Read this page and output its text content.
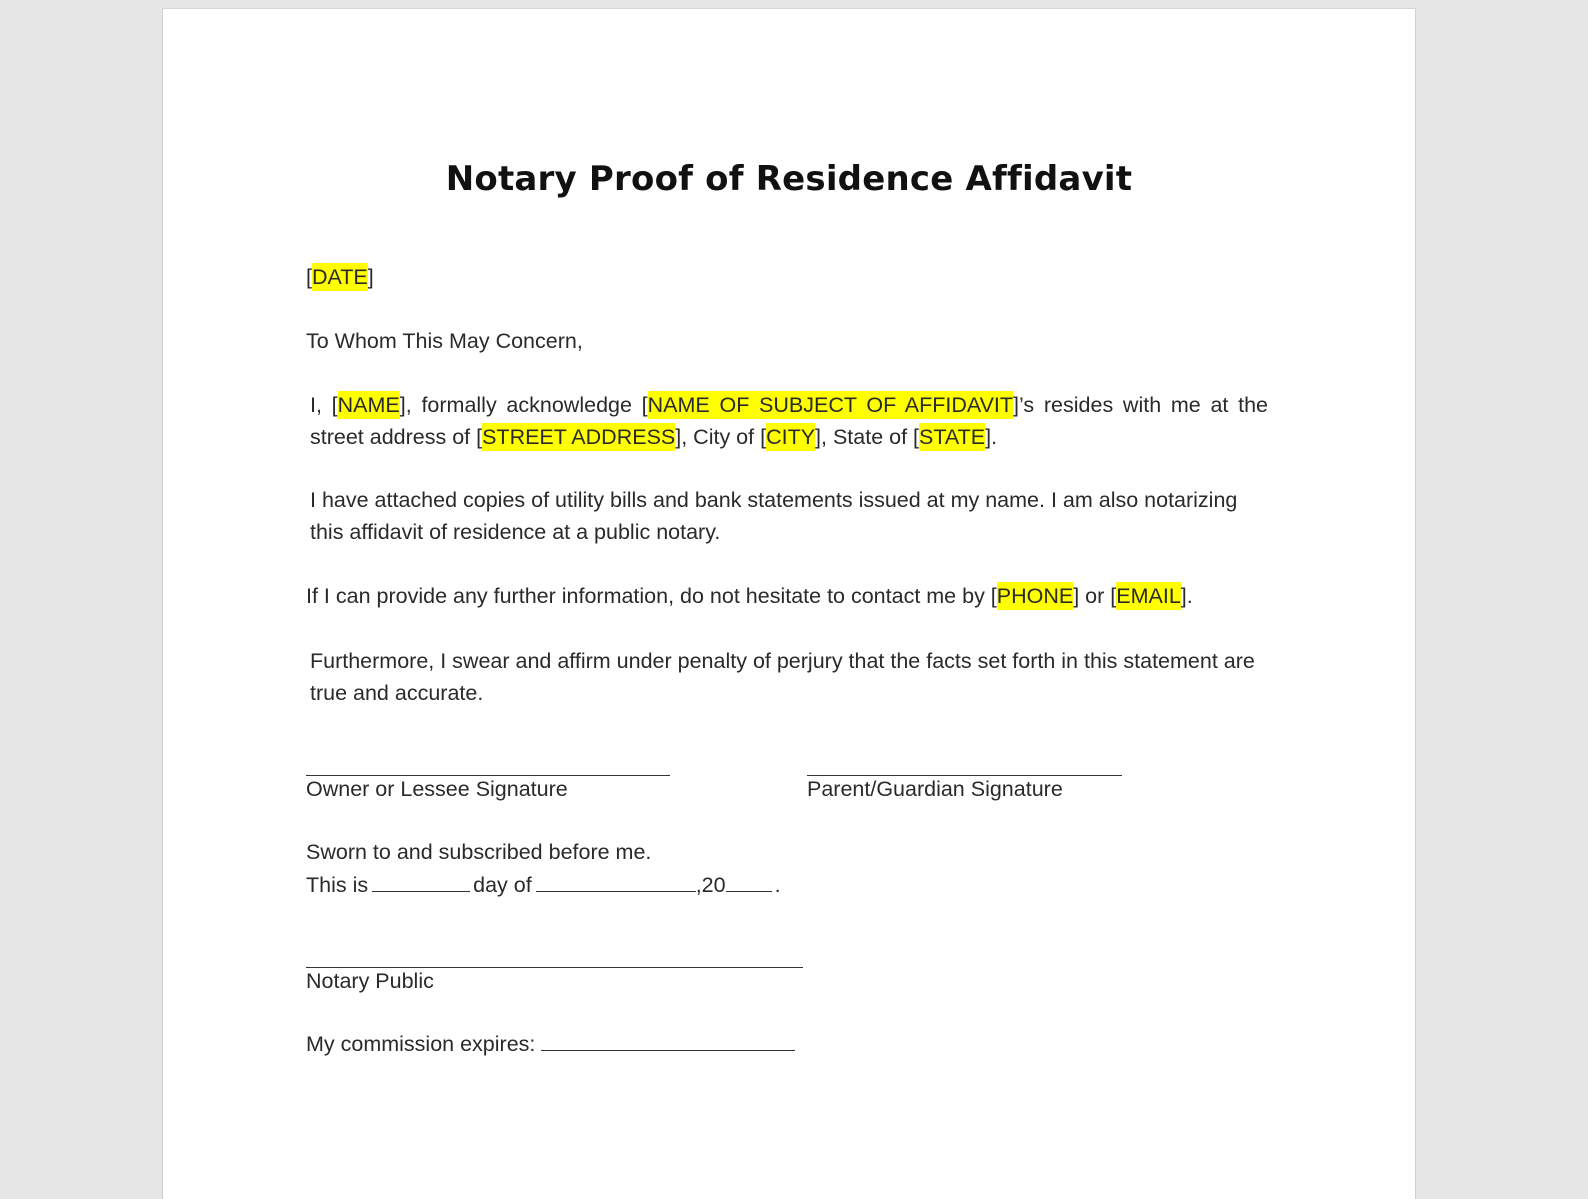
Notary Proof of Residence Affidavit
[DATE]
To Whom This May Concern,
I, [NAME], formally acknowledge [NAME OF SUBJECT OF AFFIDAVIT]’s resides with me at the street address of [STREET ADDRESS], City of [CITY], State of [STATE].
I have attached copies of utility bills and bank statements issued at my name. I am also notarizing this affidavit of residence at a public notary.
If I can provide any further information, do not hesitate to contact me by [PHONE] or [EMAIL].
Furthermore, I swear and affirm under penalty of perjury that the facts set forth in this statement are true and accurate.
Owner or Lessee Signature	Parent/Guardian Signature
Sworn to and subscribed before me.
This is	day of	,20 .
Notary Public
My commission expires:
